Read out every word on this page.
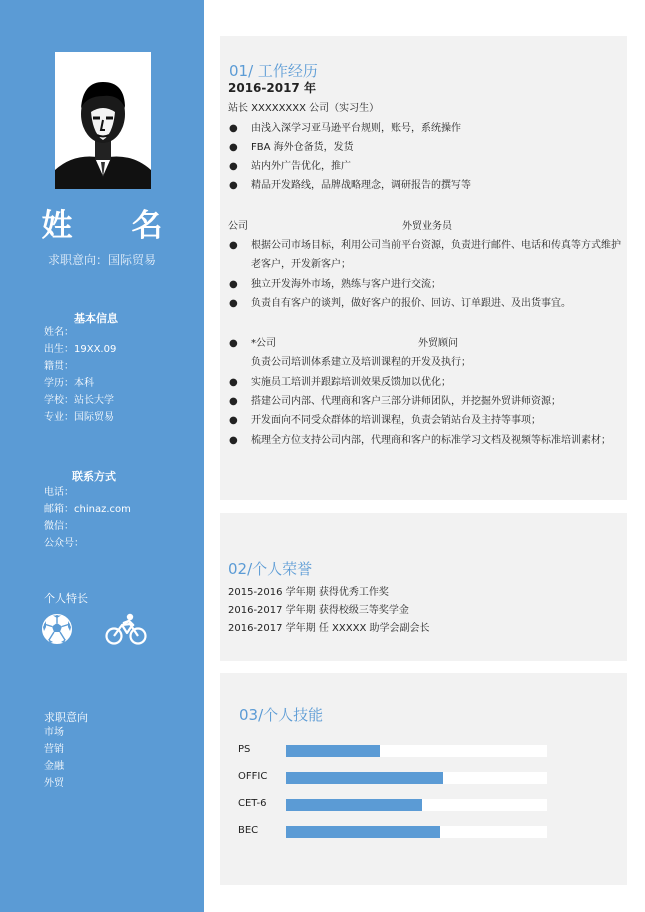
姓　名
求职意向：国际贸易
基本信息
姓名：
出生：19XX.09
籍贯：
学历：本科
学校：站长大学
专业：国际贸易
联系方式
电话：
邮箱：chinaz.com
微信：
公众号：
个人特长
求职意向
市场
营销
金融
外贸
01/ 工作经历
2016-2017 年
站长 XXXXXXXX 公司（实习生）
● 由浅入深学习亚马逊平台规则，账号，系统操作
● FBA 海外仓备货，发货
● 站内外广告优化，推广
● 精品开发路线，品牌战略理念，调研报告的撰写等
公司	外贸业务员
● 根据公司市场目标，利用公司当前平台资源，负责进行邮件、电话和传真等方式维护老客户，开发新客户；
● 独立开发海外市场，熟练与客户进行交流；
● 负责自有客户的谈判，做好客户的报价、回访、订单跟进、及出货事宜。
● *公司	外贸顾问
负责公司培训体系建立及培训课程的开发及执行；
● 实施员工培训并跟踪培训效果反馈加以优化；
● 搭建公司内部、代理商和客户三部分讲师团队，并挖掘外贸讲师资源；
● 开发面向不同受众群体的培训课程，负责会销站台及主持等事项；
● 梳理全方位支持公司内部，代理商和客户的标准学习文档及视频等标准培训素材；
02/个人荣誉
2015-2016 学年期 获得优秀工作奖
2016-2017 学年期 获得校级三等奖学金
2016-2017 学年期 任 XXXXX 助学会副会长
03/个人技能
PS
OFFIC
CET-6
BEC
